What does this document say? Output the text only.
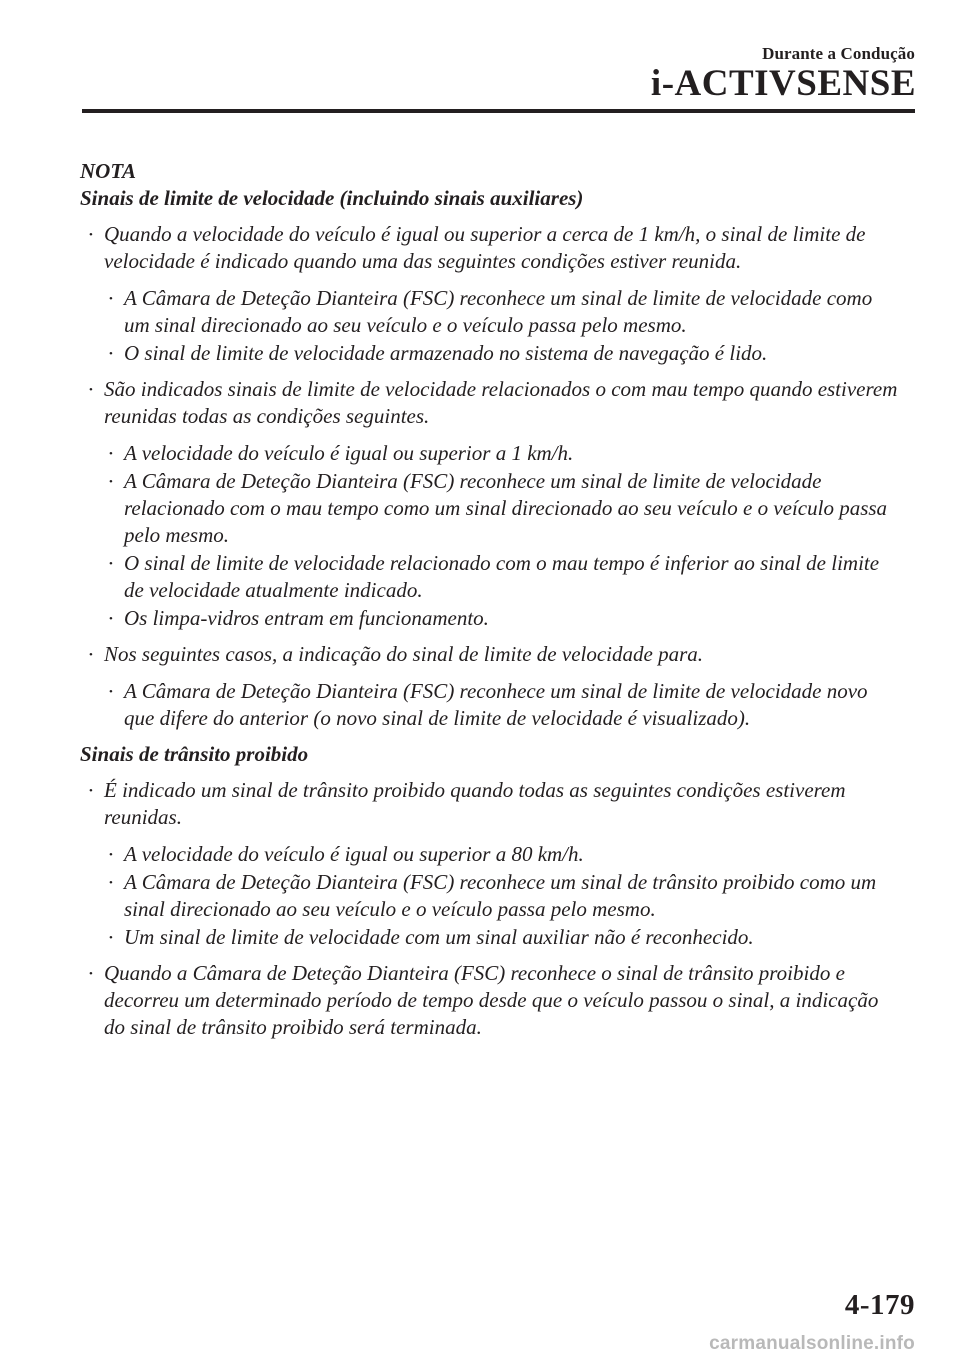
Durante a Condução
i-ACTIVSENSE

NOTA

Sinais de limite de velocidade (incluindo sinais auxiliares)

• Quando a velocidade do veículo é igual ou superior a cerca de 1 km/h, o sinal de limite de velocidade é indicado quando uma das seguintes condições estiver reunida.
• A Câmara de Deteção Dianteira (FSC) reconhece um sinal de limite de velocidade como um sinal direcionado ao seu veículo e o veículo passa pelo mesmo.
• O sinal de limite de velocidade armazenado no sistema de navegação é lido.
• São indicados sinais de limite de velocidade relacionados o com mau tempo quando estiverem reunidas todas as condições seguintes.
• A velocidade do veículo é igual ou superior a 1 km/h.
• A Câmara de Deteção Dianteira (FSC) reconhece um sinal de limite de velocidade relacionado com o mau tempo como um sinal direcionado ao seu veículo e o veículo passa pelo mesmo.
• O sinal de limite de velocidade relacionado com o mau tempo é inferior ao sinal de limite de velocidade atualmente indicado.
• Os limpa-vidros entram em funcionamento.
• Nos seguintes casos, a indicação do sinal de limite de velocidade para.
• A Câmara de Deteção Dianteira (FSC) reconhece um sinal de limite de velocidade novo que difere do anterior (o novo sinal de limite de velocidade é visualizado).

Sinais de trânsito proibido

• É indicado um sinal de trânsito proibido quando todas as seguintes condições estiverem reunidas.
• A velocidade do veículo é igual ou superior a 80 km/h.
• A Câmara de Deteção Dianteira (FSC) reconhece um sinal de trânsito proibido como um sinal direcionado ao seu veículo e o veículo passa pelo mesmo.
• Um sinal de limite de velocidade com um sinal auxiliar não é reconhecido.
• Quando a Câmara de Deteção Dianteira (FSC) reconhece o sinal de trânsito proibido e decorreu um determinado período de tempo desde que o veículo passou o sinal, a indicação do sinal de trânsito proibido será terminada.
4-179
carmanualsonline.info
